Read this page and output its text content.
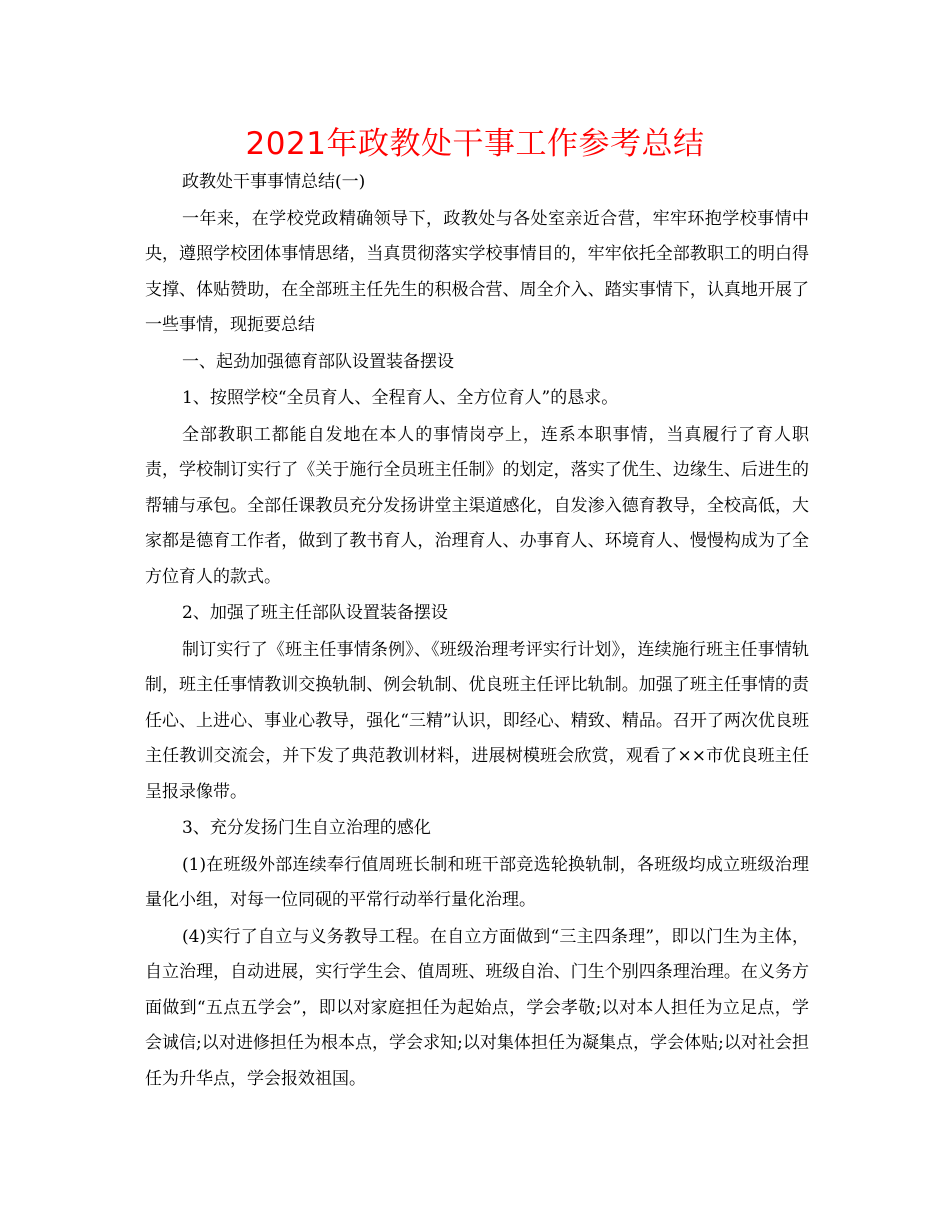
2021年政教处干事工作参考总结

政教处干事事情总结(一)

一年来，在学校党政精确领导下，政教处与各处室亲近合营，牢牢环抱学校事情中央，遵照学校团体事情思绪，当真贯彻落实学校事情目的，牢牢依托全部教职工的明白得支撑、体贴赞助，在全部班主任先生的积极合营、周全介入、踏实事情下，认真地开展了一些事情，现扼要总结

一、起劲加强德育部队设置装备摆设

1、按照学校“全员育人、全程育人、全方位育人”的恳求。

全部教职工都能自发地在本人的事情岗亭上，连系本职事情，当真履行了育人职责，学校制订实行了《关于施行全员班主任制》的划定，落实了优生、边缘生、后进生的帮辅与承包。全部任课教员充分发扬讲堂主渠道感化，自发渗入德育教导，全校高低，大家都是德育工作者，做到了教书育人，治理育人、办事育人、环境育人、慢慢构成为了全方位育人的款式。

2、加强了班主任部队设置装备摆设

制订实行了《班主任事情条例》、《班级治理考评实行计划》，连续施行班主任事情轨制，班主任事情教训交换轨制、例会轨制、优良班主任评比轨制。加强了班主任事情的责任心、上进心、事业心教导，强化“三精”认识，即经心、精致、精品。召开了两次优良班主任教训交流会，并下发了典范教训材料，进展树模班会欣赏，观看了××市优良班主任呈报录像带。

3、充分发扬门生自立治理的感化

(1)在班级外部连续奉行值周班长制和班干部竞选轮换轨制，各班级均成立班级治理量化小组，对每一位同砚的平常行动举行量化治理。

(4)实行了自立与义务教导工程。在自立方面做到“三主四条理”，即以门生为主体，自立治理，自动进展，实行学生会、值周班、班级自治、门生个别四条理治理。在义务方面做到“五点五学会”，即以对家庭担任为起始点，学会孝敬;以对本人担任为立足点，学会诚信;以对进修担任为根本点，学会求知;以对集体担任为凝集点，学会体贴;以对社会担任为升华点，学会报效祖国。
